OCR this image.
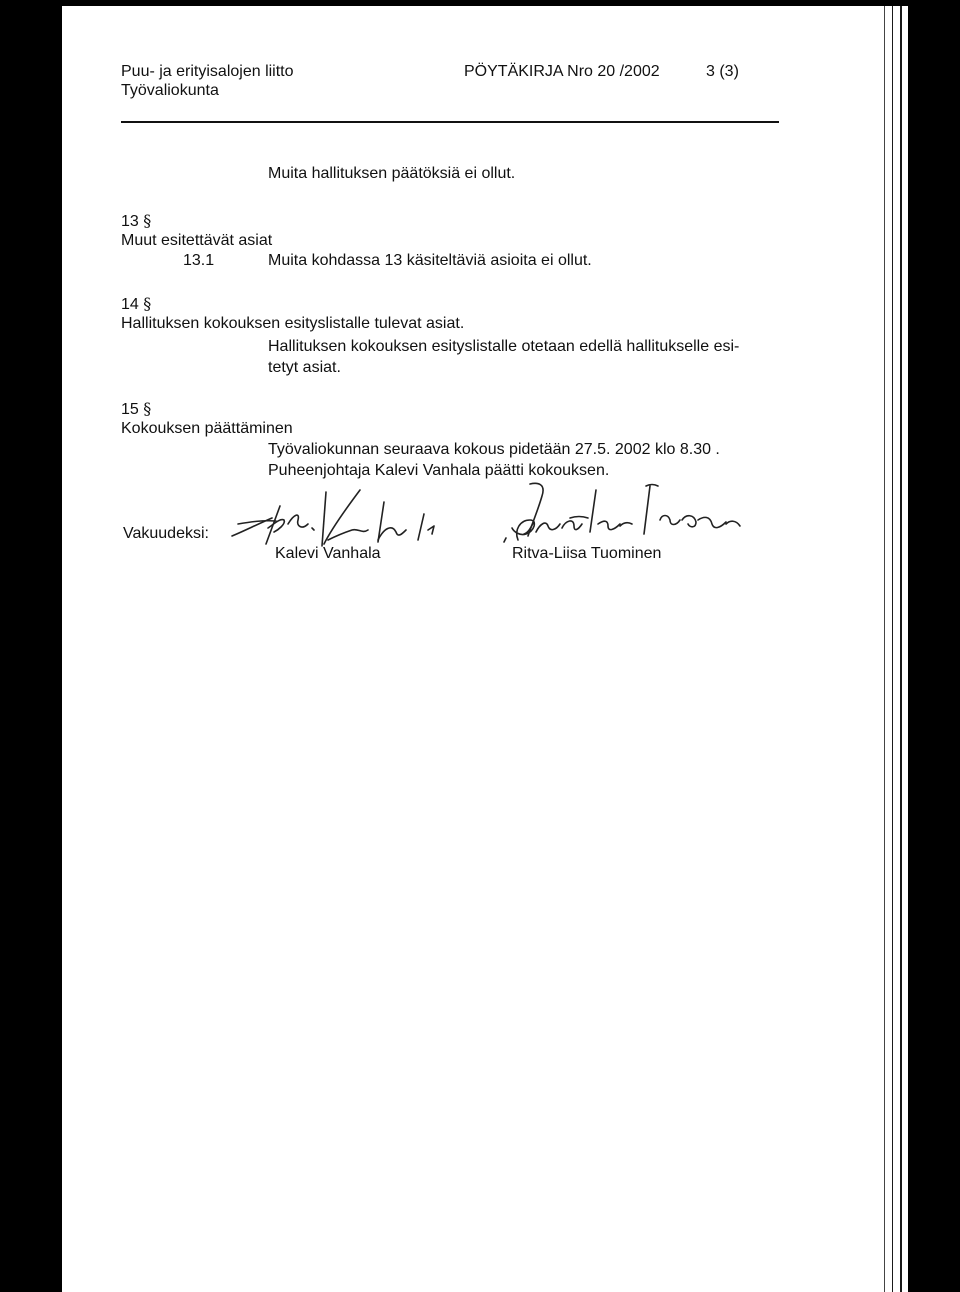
Puu- ja erityisalojen liitto
Työvaliokunta
PÖYTÄKIRJA Nro 20 /2002	3 (3)
Muita hallituksen päätöksiä ei ollut.
13 §
Muut esitettävät asiat
13.1	Muita kohdassa 13 käsiteltäviä asioita ei ollut.
14 §
Hallituksen kokouksen esityslistalle tulevat asiat.
Hallituksen kokouksen esityslistalle otetaan edellä hallitukselle esi-
tetyt asiat.
15 §
Kokouksen päättäminen
Työvaliokunnan seuraava kokous pidetään 27.5. 2002 klo 8.30 .
Puheenjohtaja Kalevi Vanhala päätti kokouksen.
Vakuudeksi:
Kalevi Vanhala	Ritva-Liisa Tuominen
